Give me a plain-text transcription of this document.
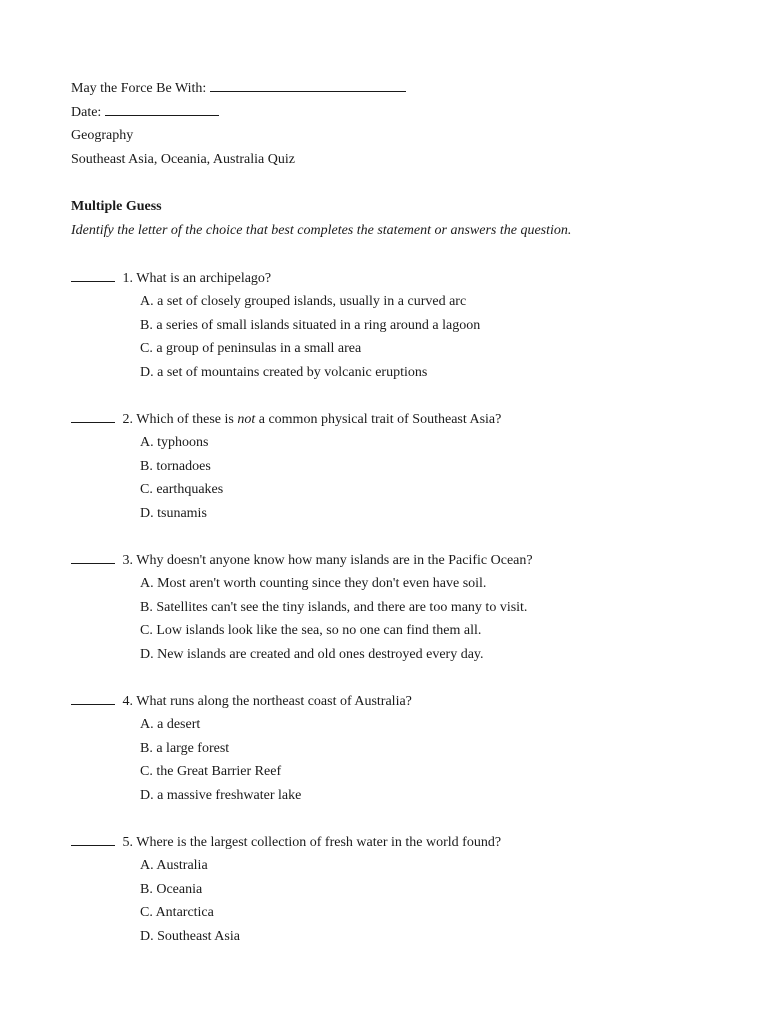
May the Force Be With:
Date:
Geography
Southeast Asia, Oceania, Australia Quiz
Multiple Guess
Identify the letter of the choice that best completes the statement or answers the question.
1. What is an archipelago?
A. a set of closely grouped islands, usually in a curved arc
B. a series of small islands situated in a ring around a lagoon
C. a group of peninsulas in a small area
D. a set of mountains created by volcanic eruptions
2. Which of these is not a common physical trait of Southeast Asia?
A. typhoons
B. tornadoes
C. earthquakes
D. tsunamis
3. Why doesn't anyone know how many islands are in the Pacific Ocean?
A. Most aren't worth counting since they don't even have soil.
B. Satellites can't see the tiny islands, and there are too many to visit.
C. Low islands look like the sea, so no one can find them all.
D. New islands are created and old ones destroyed every day.
4. What runs along the northeast coast of Australia?
A. a desert
B. a large forest
C. the Great Barrier Reef
D. a massive freshwater lake
5. Where is the largest collection of fresh water in the world found?
A. Australia
B. Oceania
C. Antarctica
D. Southeast Asia
